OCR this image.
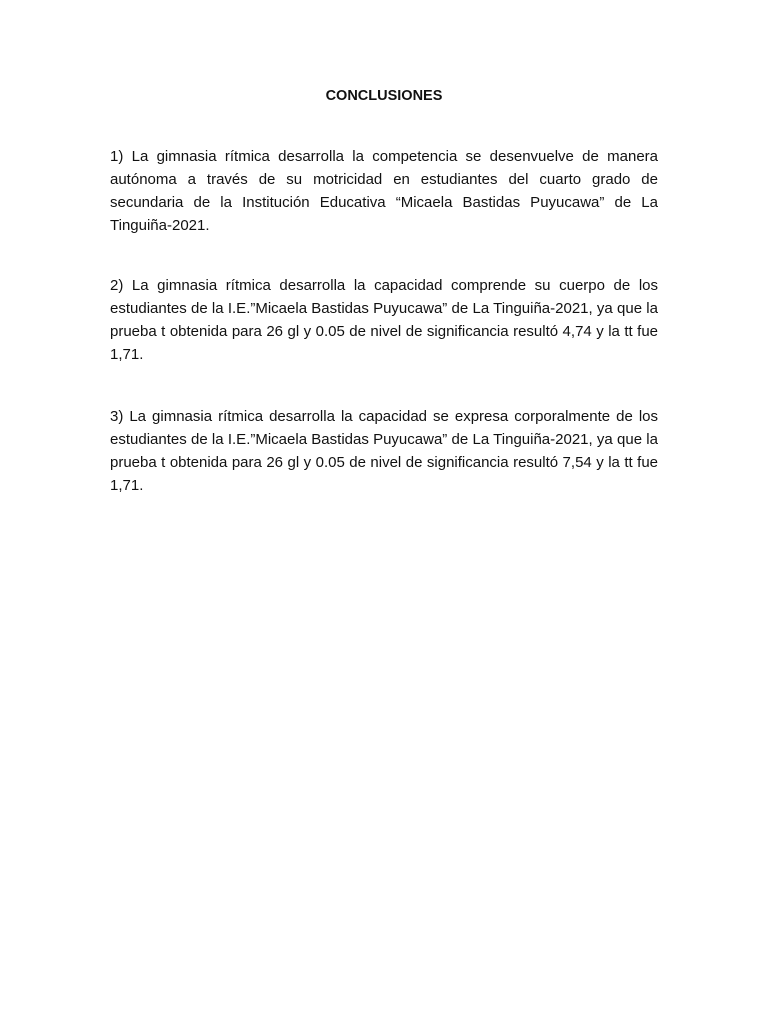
CONCLUSIONES

1) La gimnasia rítmica desarrolla la competencia se desenvuelve de manera autónoma a través de su motricidad en estudiantes del cuarto grado de secundaria de la Institución Educativa “Micaela Bastidas Puyucawa” de La Tinguiña-2021.

2) La gimnasia rítmica desarrolla la capacidad comprende su cuerpo de los estudiantes de la I.E.”Micaela Bastidas Puyucawa” de La Tinguiña-2021, ya que la prueba t obtenida para 26 gl y 0.05 de nivel de significancia resultó 4,74 y la tt fue 1,71.

3) La gimnasia rítmica desarrolla la capacidad se expresa corporalmente de los estudiantes de la I.E.”Micaela Bastidas Puyucawa” de La Tinguiña-2021, ya que la prueba t obtenida para 26 gl y 0.05 de nivel de significancia resultó 7,54 y la tt fue 1,71.
